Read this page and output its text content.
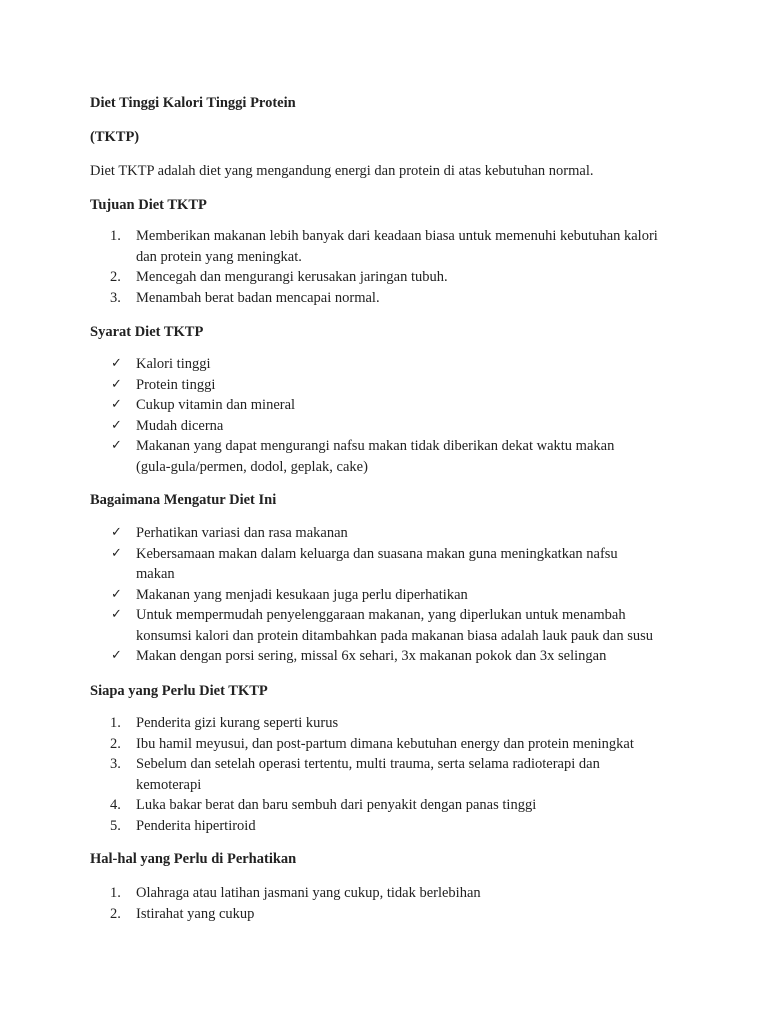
Diet Tinggi Kalori Tinggi Protein
(TKTP)
Diet TKTP adalah diet yang mengandung energi dan protein di atas kebutuhan normal.
Tujuan Diet TKTP
1.	Memberikan makanan lebih banyak dari keadaan biasa untuk memenuhi kebutuhan kalori
dan protein yang meningkat.
2.	Mencegah dan mengurangi kerusakan jaringan tubuh.
3.	Menambah berat badan mencapai normal.
Syarat Diet TKTP
✓ Kalori tinggi
✓ Protein tinggi
✓ Cukup vitamin dan mineral
✓ Mudah dicerna
✓ Makanan yang dapat mengurangi nafsu makan tidak diberikan dekat waktu makan
(gula-gula/permen, dodol, geplak, cake)
Bagaimana Mengatur Diet Ini
✓ Perhatikan variasi dan rasa makanan
✓ Kebersamaan makan dalam keluarga dan suasana makan guna meningkatkan nafsu
makan
✓ Makanan yang menjadi kesukaan juga perlu diperhatikan
✓ Untuk mempermudah penyelenggaraan makanan, yang diperlukan untuk menambah
konsumsi kalori dan protein ditambahkan pada makanan biasa adalah lauk pauk dan susu
✓ Makan dengan porsi sering, missal 6x sehari, 3x makanan pokok dan 3x selingan
Siapa yang Perlu Diet TKTP
1.	Penderita gizi kurang seperti kurus
2.	Ibu hamil meyusui, dan post-partum dimana kebutuhan energy dan protein meningkat
3.	Sebelum dan setelah operasi tertentu, multi trauma, serta selama radioterapi dan
kemoterapi
4.	Luka bakar berat dan baru sembuh dari penyakit dengan panas tinggi
5.	Penderita hipertiroid
Hal-hal yang Perlu di Perhatikan
1.	Olahraga atau latihan jasmani yang cukup, tidak berlebihan
2.	Istirahat yang cukup
